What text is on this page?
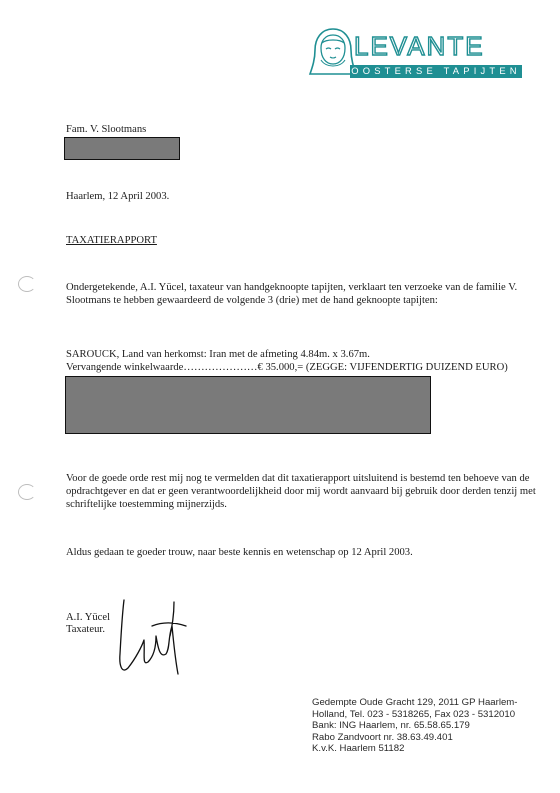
LEVANTE
OOSTERSE TAPIJTEN
Fam. V. Slootmans
Haarlem, 12 April 2003.
TAXATIERAPPORT
Ondergetekende, A.I. Yücel, taxateur van handgeknoopte tapijten, verklaart ten verzoeke van de familie V.
Slootmans te hebben gewaardeerd de volgende 3 (drie) met de hand geknoopte tapijten:
SAROUCK, Land van herkomst: Iran met de afmeting 4.84m. x 3.67m.
Vervangende winkelwaarde…………………€ 35.000,= (ZEGGE: VIJFENDERTIG DUIZEND EURO)
Voor de goede orde rest mij nog te vermelden dat dit taxatierapport uitsluitend is bestemd ten behoeve van de
opdrachtgever en dat er geen verantwoordelijkheid door mij wordt aanvaard bij gebruik door derden tenzij met
schriftelijke toestemming mijnerzijds.
Aldus gedaan te goeder trouw, naar beste kennis en wetenschap op 12 April 2003.
A.I. Yücel
Taxateur.
Gedempte Oude Gracht 129, 2011 GP Haarlem-
Holland, Tel. 023 - 5318265, Fax 023 - 5312010
Bank: ING Haarlem, nr. 65.58.65.179
Rabo Zandvoort nr. 38.63.49.401
K.v.K. Haarlem 51182
